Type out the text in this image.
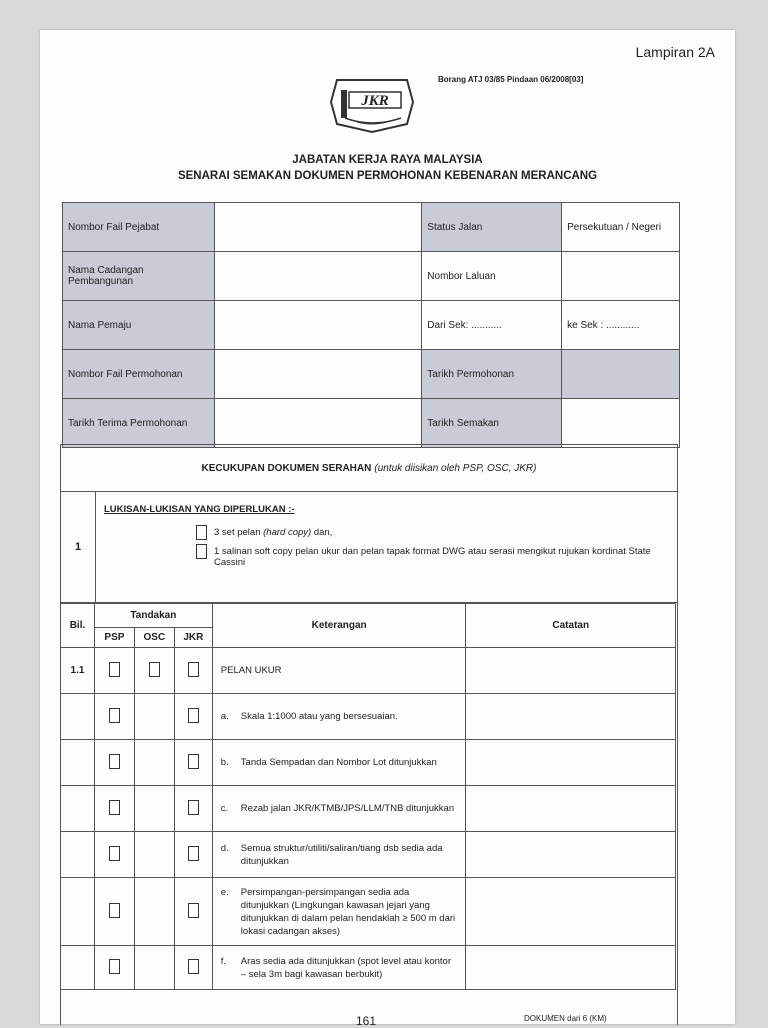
Lampiran 2A
Borang ATJ 03/85 Pindaan 06/2008[03]
JKR
JABATAN KERJA RAYA MALAYSIA
SENARAI SEMAKAN DOKUMEN PERMOHONAN KEBENARAN MERANCANG
Nombor Fail Pejabat		Status Jalan	Persekutuan / Negeri
Nama Cadangan Pembangunan		Nombor Laluan	
Nama Pemaju		Dari Sek: ...........	ke Sek : ............
Nombor Fail Permohonan		Tarikh Permohonan	
Tarikh Terima Permohonan		Tarikh Semakan	
KECUKUPAN DOKUMEN SERAHAN (untuk diisikan oleh PSP, OSC, JKR)
1
LUKISAN-LUKISAN YANG DIPERLUKAN :-
3 set pelan (hard copy) dan,
1 salinan soft copy pelan ukur dan pelan tapak format DWG atau serasi mengikut rujukan kordinat State Cassini
Bil.	Tandakan			Keterangan	Catatan
	PSP	OSC	JKR		
1.1				PELAN UKUR	

				a. Skala 1:1000 atau yang bersesuaian.	

				b. Tanda Sempadan dan Nombor Lot ditunjukkan	

				c. Rezab jalan JKR/KTMB/JPS/LLM/TNB ditunjukkan	

				d. Semua struktur/utiliti/saliran/tiang dsb sedia ada ditunjukkan	

				e. Persimpangan-persimpangan sedia ada ditunjukkan (Lingkungan kawasan jejari yang ditunjukkan di dalam pelan hendaklah ≥ 500 m dari lokasi cadangan akses)	

				f. Aras sedia ada ditunjukkan (spot level atau kontor – sela 3m bagi kawasan berbukit)	

161	DOKUMEN dari 6 (KM)
